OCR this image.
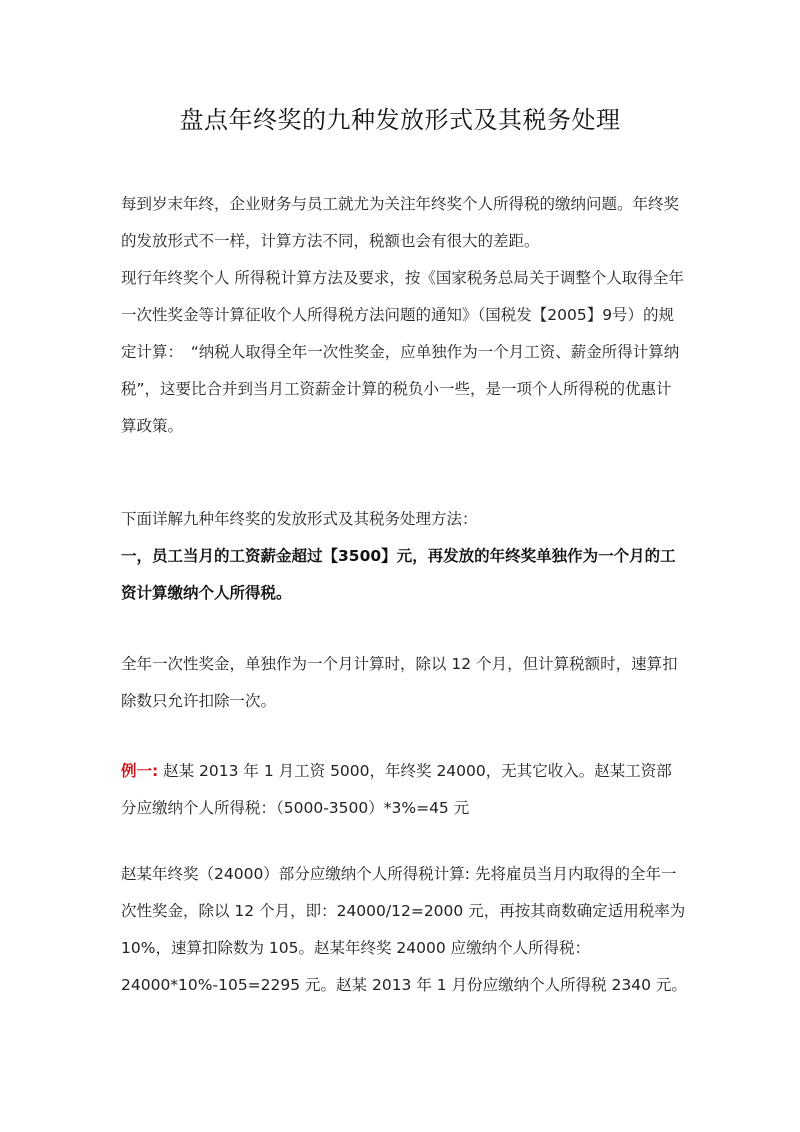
盘点年终奖的九种发放形式及其税务处理

每到岁末年终，企业财务与员工就尤为关注年终奖个人所得税的缴纳问题。年终奖的发放形式不一样，计算方法不同，税额也会有很大的差距。

现行年终奖个人 所得税计算方法及要求，按《国家税务总局关于调整个人取得全年一次性奖金等计算征收个人所得税方法问题的通知》（国税发【2005】9号）的规定计算：　“纳税人取得全年一次性奖金，应单独作为一个月工资、薪金所得计算纳税”，这要比合并到当月工资薪金计算的税负小一些，是一项个人所得税的优惠计算政策。

下面详解九种年终奖的发放形式及其税务处理方法：

一，员工当月的工资薪金超过【3500】元，再发放的年终奖单独作为一个月的工资计算缴纳个人所得税。

全年一次性奖金，单独作为一个月计算时，除以 12 个月，但计算税额时，速算扣除数只允许扣除一次。

例一: 赵某 2013 年 1 月工资 5000，年终奖 24000，无其它收入。赵某工资部分应缴纳个人所得税：（5000-3500）*3%=45 元

赵某年终奖（24000）部分应缴纳个人所得税计算: 先将雇员当月内取得的全年一次性奖金，除以 12 个月，即：24000/12=2000 元，再按其商数确定适用税率为 10%，速算扣除数为 105。赵某年终奖 24000 应缴纳个人所得税：24000*10%-105=2295 元。赵某 2013 年 1 月份应缴纳个人所得税 2340 元。
